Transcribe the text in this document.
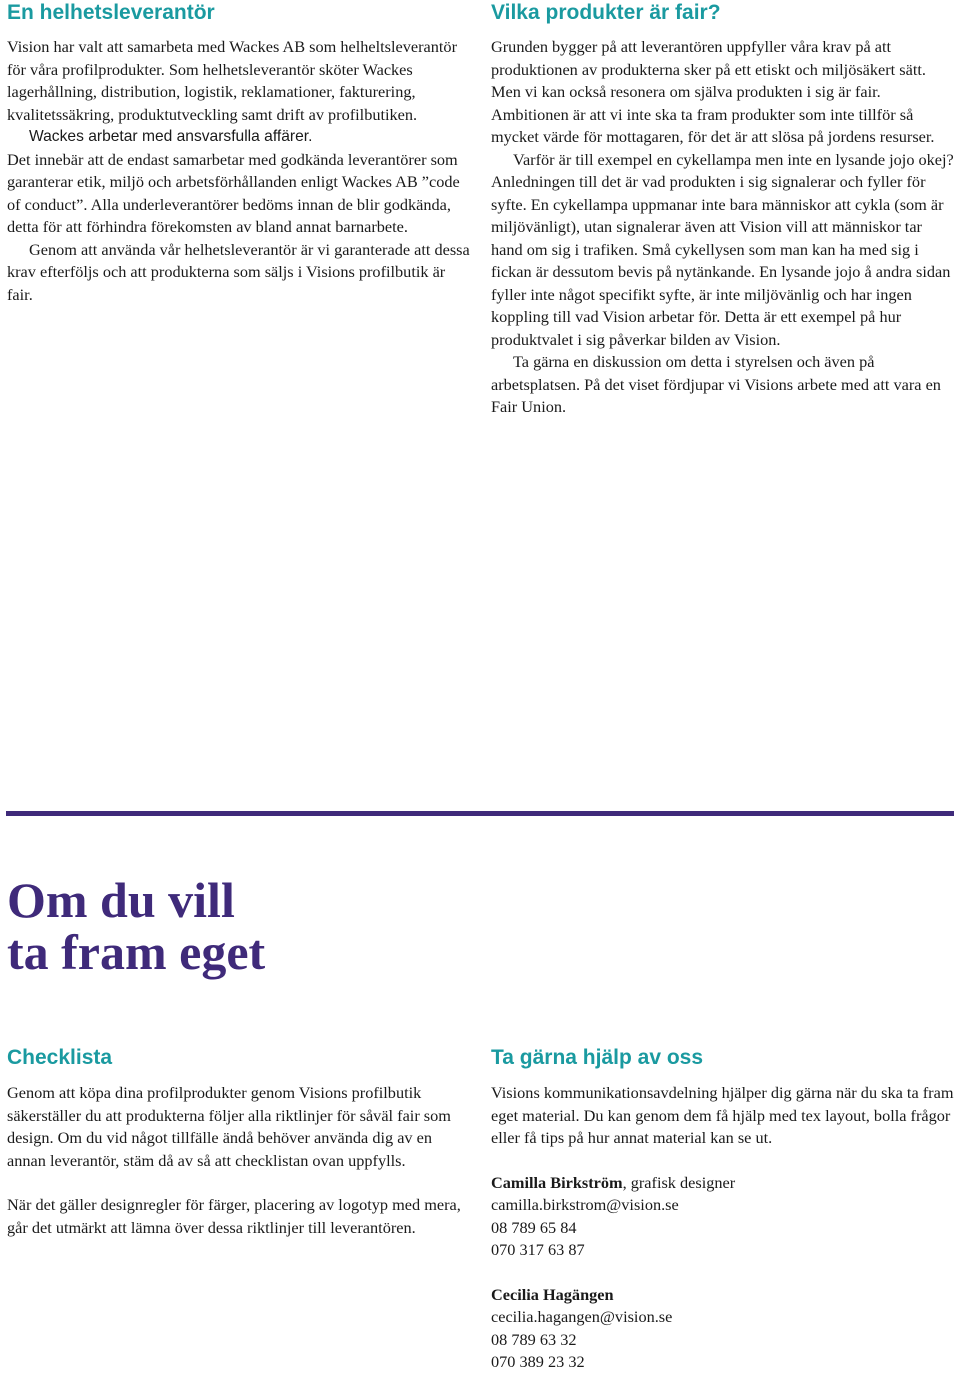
En helhetsleverantör

Vision har valt att samarbeta med Wackes AB som helheltsleverantör för våra profilprodukter. Som helhetsleverantör sköter Wackes lagerhållning, distribution, logistik, reklamationer, fakturering, kvalitetssäkring, produktutveckling samt drift av profilbutiken.

Wackes arbetar med ansvarsfulla affärer.

Det innebär att de endast samarbetar med godkända leverantörer som garanterar etik, miljö och arbetsförhållanden enligt Wackes AB ”code of conduct”. Alla underleverantörer bedöms innan de blir godkända, detta för att förhindra förekomsten av bland annat barnarbete.

Genom att använda vår helhetsleverantör är vi garanterade att dessa krav efterföljs och att produkterna som säljs i Visions profilbutik är fair.

Vilka produkter är fair?

Grunden bygger på att leverantören uppfyller våra krav på att produktionen av produkterna sker på ett etiskt och miljösäkert sätt. Men vi kan också resonera om själva produkten i sig är fair. Ambitionen är att vi inte ska ta fram produkter som inte tillför så mycket värde för mottagaren, för det är att slösa på jordens resurser.

Varför är till exempel en cykellampa men inte en lysande jojo okej? Anledningen till det är vad produkten i sig signalerar och fyller för syfte. En cykellampa uppmanar inte bara människor att cykla (som är miljövänligt), utan signalerar även att Vision vill att människor tar hand om sig i trafiken. Små cykellysen som man kan ha med sig i fickan är dessutom bevis på nytänkande. En lysande jojo å andra sidan fyller inte något specifikt syfte, är inte miljövänlig och har ingen koppling till vad Vision arbetar för. Detta är ett exempel på hur produktvalet i sig påverkar bilden av Vision.

Ta gärna en diskussion om detta i styrelsen och även på arbetsplatsen. På det viset fördjupar vi Visions arbete med att vara en Fair Union.

Om du vill
ta fram eget
Checklista

Genom att köpa dina profilprodukter genom Visions profilbutik säkerställer du att produkterna följer alla riktlinjer för såväl fair som design. Om du vid något tillfälle ändå behöver använda dig av en annan leverantör, stäm då av så att checklistan ovan uppfylls.

När det gäller designregler för färger, placering av logotyp med mera, går det utmärkt att lämna över dessa riktlinjer till leverantören.

Ta gärna hjälp av oss

Visions kommunikationsavdelning hjälper dig gärna när du ska ta fram eget material. Du kan genom dem få hjälp med tex layout, bolla frågor eller få tips på hur annat material kan se ut.

Camilla Birkström, grafisk designer

camilla.birkstrom@vision.se

08 789 65 84

070 317 63 87

Cecilia Hagängen

cecilia.hagangen@vision.se

08 789 63 32

070 389 23 32
